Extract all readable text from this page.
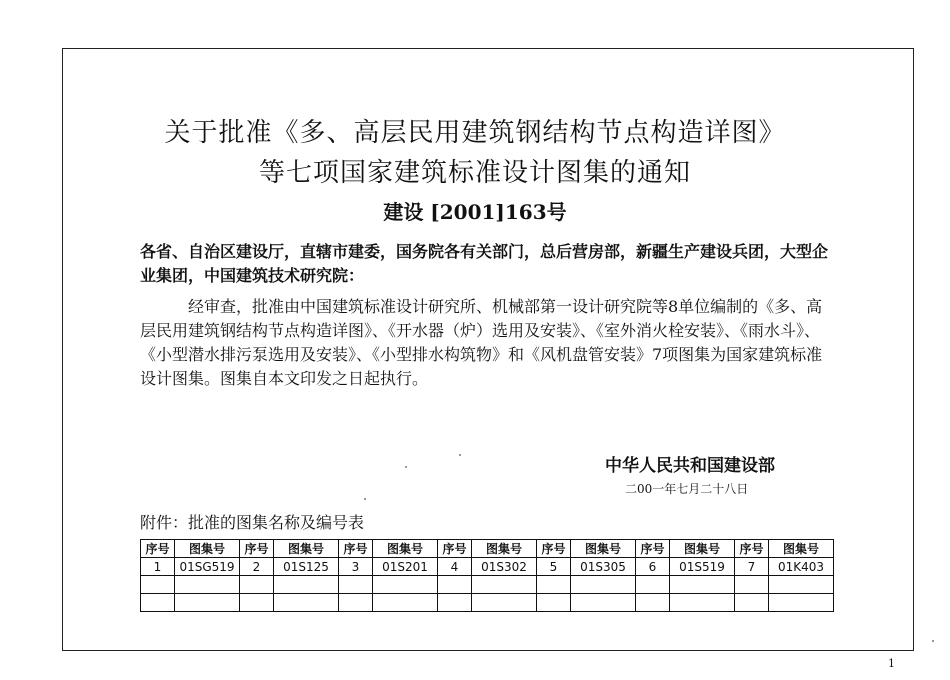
关于批准《多、高层民用建筑钢结构节点构造详图》
等七项国家建筑标准设计图集的通知
建设 [2001]163号
各省、自治区建设厅，直辖市建委，国务院各有关部门，总后营房部，新疆生产建设兵团，大型企业集团，中国建筑技术研究院：
经审查，批准由中国建筑标准设计研究所、机械部第一设计研究院等8单位编制的《多、高层民用建筑钢结构节点构造详图》、《开水器（炉）选用及安装》、《室外消火栓安装》、《雨水斗》、《小型潜水排污泵选用及安装》、《小型排水构筑物》和《风机盘管安装》7项图集为国家建筑标准设计图集。图集自本文印发之日起执行。
中华人民共和国建设部
二00一年七月二十八日
附件：批准的图集名称及编号表
序号	图集号	序号	图集号	序号	图集号	序号	图集号	序号	图集号	序号	图集号	序号	图集号
1	01SG519	2	01S125	3	01S201	4	01S302	5	01S305	6	01S519	7	01K403

1
